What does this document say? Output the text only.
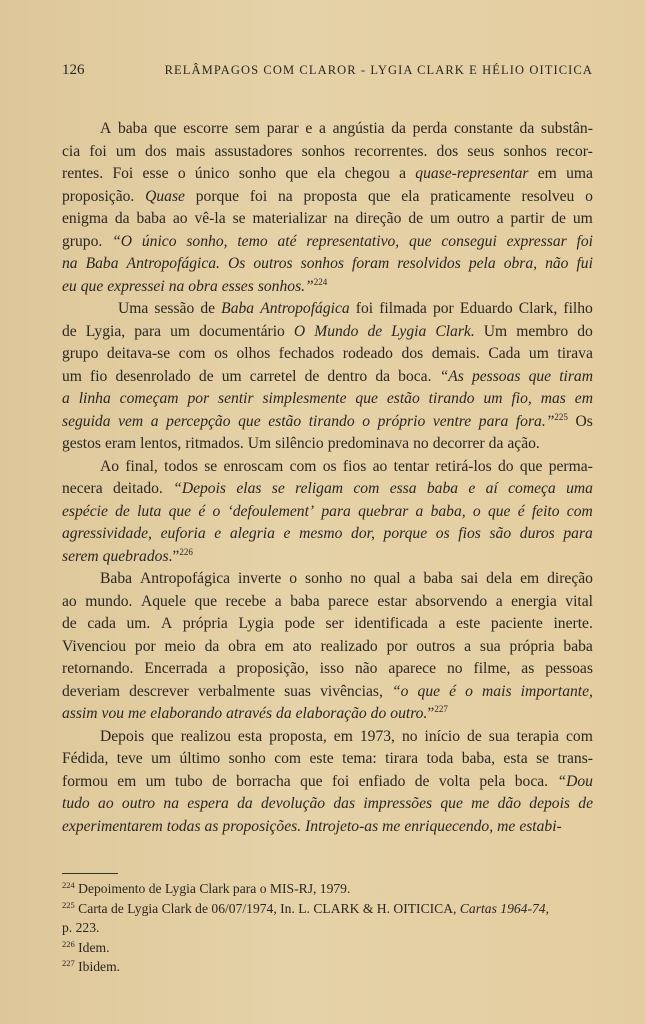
126	RELÂMPAGOS COM CLAROR - LYGIA CLARK E HÉLIO OITICICA
A baba que escorre sem parar e a angústia da perda constante da substân-
cia foi um dos mais assustadores sonhos recorrentes. dos seus sonhos recor-
rentes. Foi esse o único sonho que ela chegou a quase-representar em uma
proposição. Quase porque foi na proposta que ela praticamente resolveu o
enigma da baba ao vê-la se materializar na direção de um outro a partir de um
grupo. “O único sonho, temo até representativo, que consegui expressar foi
na Baba Antropofágica. Os outros sonhos foram resolvidos pela obra, não fui
eu que expressei na obra esses sonhos.”$^{224}$
Uma sessão de Baba Antropofágica foi filmada por Eduardo Clark, filho
de Lygia, para um documentário O Mundo de Lygia Clark. Um membro do
grupo deitava-se com os olhos fechados rodeado dos demais. Cada um tirava
um fio desenrolado de um carretel de dentro da boca. “As pessoas que tiram
a linha começam por sentir simplesmente que estão tirando um fio, mas em
seguida vem a percepção que estão tirando o próprio ventre para fora.”$^{225}$ Os
gestos eram lentos, ritmados. Um silêncio predominava no decorrer da ação.
Ao final, todos se enroscam com os fios ao tentar retirá-los do que perma-
necera deitado. “Depois elas se religam com essa baba e aí começa uma
espécie de luta que é o ‘defoulement’ para quebrar a baba, o que é feito com
agressividade, euforia e alegria e mesmo dor, porque os fios são duros para
serem quebrados.”$^{226}$
Baba Antropofágica inverte o sonho no qual a baba sai dela em direção
ao mundo. Aquele que recebe a baba parece estar absorvendo a energia vital
de cada um. A própria Lygia pode ser identificada a este paciente inerte.
Vivenciou por meio da obra em ato realizado por outros a sua própria baba
retornando. Encerrada a proposição, isso não aparece no filme, as pessoas
deveriam descrever verbalmente suas vivências, “o que é o mais importante,
assim vou me elaborando através da elaboração do outro.”$^{227}$
Depois que realizou esta proposta, em 1973, no início de sua terapia com
Fédida, teve um último sonho com este tema: tirara toda baba, esta se trans-
formou em um tubo de borracha que foi enfiado de volta pela boca. “Dou
tudo ao outro na espera da devolução das impressões que me dão depois de
experimentarem todas as proposições. Introjeto-as me enriquecendo, me estabi-
$^{224}$ Depoimento de Lygia Clark para o MIS-RJ, 1979.
$^{225}$ Carta de Lygia Clark de 06/07/1974, In. L. CLARK & H. OITICICA, Cartas 1964-74,
p. 223.
$^{226}$ Idem.
$^{227}$ Ibidem.
